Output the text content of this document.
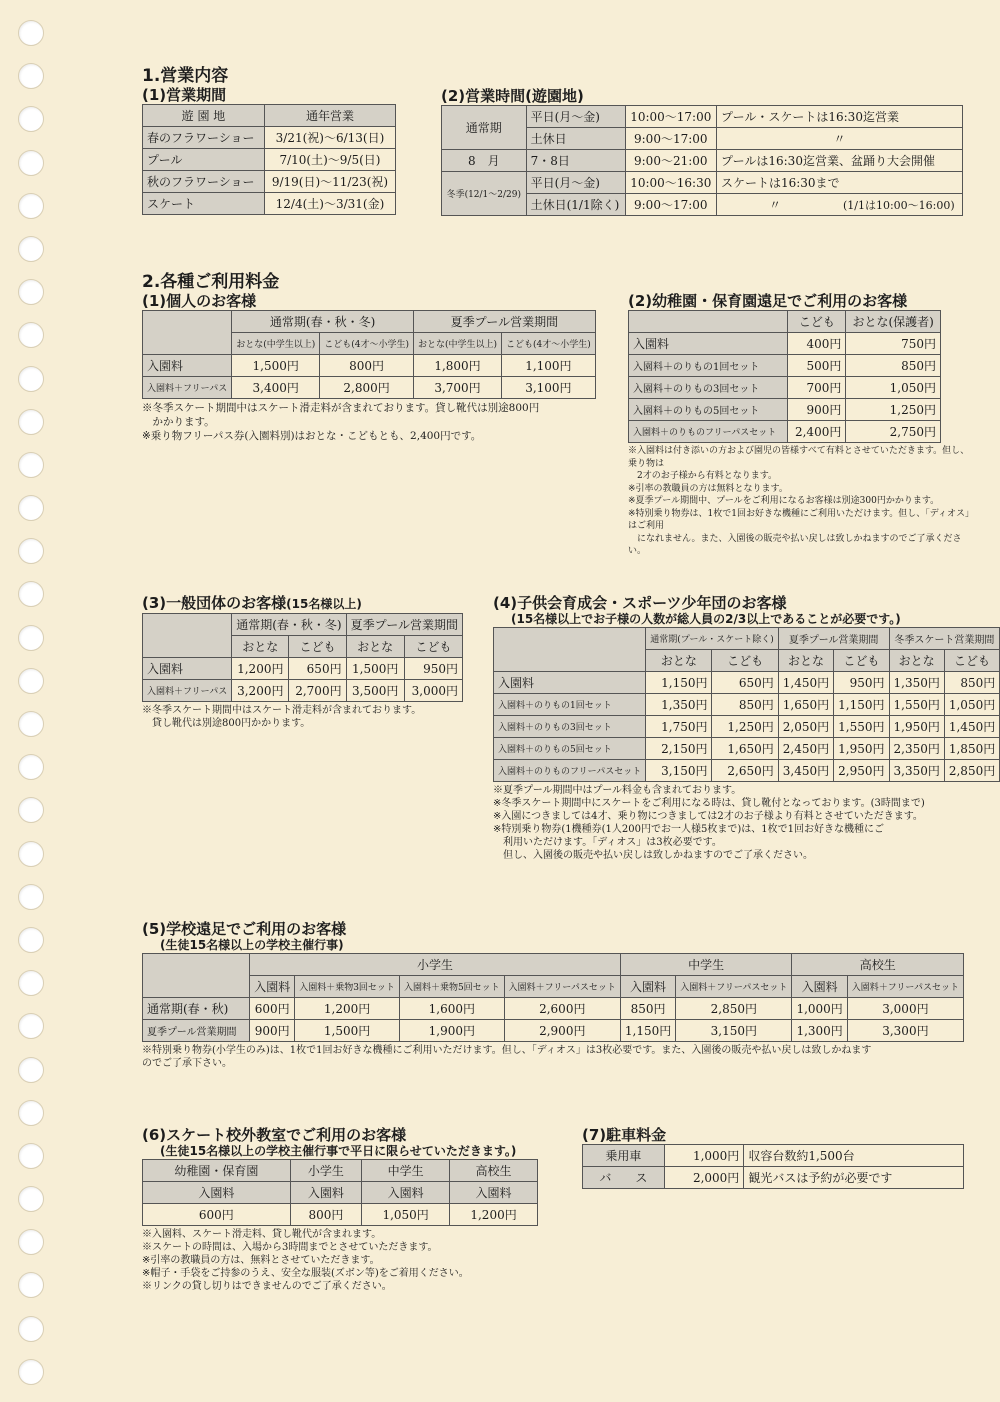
1.営業内容
(1)営業期間
遊 園 地	通年営業
春のフラワーショー	3/21(祝)～6/13(日)
プール	7/10(土)～9/5(日)
秋のフラワーショー	9/19(日)～11/23(祝)
スケート	12/4(土)～3/31(金)
(2)営業時間(遊園地)
通常期	平日(月～金)	10:00～17:00	プール・スケートは16:30迄営業
	土休日	9:00～17:00	〃
8　月	7・8日	9:00～21:00	プールは16:30迄営業、盆踊り大会開催
冬季(12/1～2/29)	平日(月～金)	10:00～16:30	スケートは16:30まで
	土休日(1/1除く)	9:00～17:00	〃 (1/1は10:00～16:00)
2.各種ご利用料金
(1)個人のお客様
	通常期(春・秋・冬)		夏季プール営業期間	
	おとな(中学生以上)	こども(4才～小学生)	おとな(中学生以上)	こども(4才～小学生)
入園料	1,500円	800円	1,800円	1,100円
入園料＋フリーパス	3,400円	2,800円	3,700円	3,100円
※冬季スケート期間中はスケート滑走料が含まれております。貸し靴代は別途800円
　かかります。
※乗り物フリーパス券(入園料別)はおとな・こどもとも、2,400円です。
(2)幼稚園・保育園遠足でご利用のお客様
	こども	おとな(保護者)
入園料	400円	750円
入園料＋のりもの1回セット	500円	850円
入園料＋のりもの3回セット	700円	1,050円
入園料＋のりもの5回セット	900円	1,250円
入園料＋のりものフリーパスセット	2,400円	2,750円
※入園料は付き添いの方および園児の皆様すべて有料とさせていただきます。但し、乗り物は
　2才のお子様から有料となります。
※引率の教職員の方は無料となります。
※夏季プール期間中、プールをご利用になるお客様は別途300円かかります。
※特別乗り物券は、1枚で1回お好きな機種にご利用いただけます。但し、「ディオス」はご利用
　になれません。また、入園後の販売や払い戻しは致しかねますのでご了承ください。
(3)一般団体のお客様(15名様以上)
	通常期(春・秋・冬)		夏季プール営業期間	
	おとな	こども	おとな	こども
入園料	1,200円	650円	1,500円	950円
入園料＋フリーパス	3,200円	2,700円	3,500円	3,000円
※冬季スケート期間中はスケート滑走料が含まれております。
　貸し靴代は別途800円かかります。
(4)子供会育成会・スポーツ少年団のお客様
(15名様以上でお子様の人数が総人員の2/3以上であることが必要です。)
	通常期(プール・スケート除く)		夏季プール営業期間		冬季スケート営業期間	
	おとな	こども	おとな	こども	おとな	こども
入園料	1,150円	650円	1,450円	950円	1,350円	850円
入園料＋のりもの1回セット	1,350円	850円	1,650円	1,150円	1,550円	1,050円
入園料＋のりもの3回セット	1,750円	1,250円	2,050円	1,550円	1,950円	1,450円
入園料＋のりもの5回セット	2,150円	1,650円	2,450円	1,950円	2,350円	1,850円
入園料＋のりものフリーパスセット	3,150円	2,650円	3,450円	2,950円	3,350円	2,850円
※夏季プール期間中はプール料金も含まれております。
※冬季スケート期間中にスケートをご利用になる時は、貸し靴付となっております。(3時間まで)
※入園につきましては4才、乗り物につきましては2才のお子様より有料とさせていただきます。
※特別乗り物券(1機種券(1人200円でお一人様5枚まで)は、1枚で1回お好きな機種にご
　利用いただけます。「ディオス」は3枚必要です。
　但し、入園後の販売や払い戻しは致しかねますのでご了承ください。
(5)学校遠足でご利用のお客様
(生徒15名様以上の学校主催行事)
	小学生				中学生		高校生	
	入園料	入園料＋乗物3回セット	入園料＋乗物5回セット	入園料＋フリーパスセット	入園料	入園料＋フリーパスセット	入園料	入園料＋フリーパスセット
通常期(春・秋)	600円	1,200円	1,600円	2,600円	850円	2,850円	1,000円	3,000円
夏季プール営業期間	900円	1,500円	1,900円	2,900円	1,150円	3,150円	1,300円	3,300円
※特別乗り物券(小学生のみ)は、1枚で1回お好きな機種にご利用いただけます。但し、「ディオス」は3枚必要です。また、入園後の販売や払い戻しは致しかねます
のでご了承下さい。
(6)スケート校外教室でご利用のお客様
(生徒15名様以上の学校主催行事で平日に限らせていただきます。)
幼稚園・保育園	小学生	中学生	高校生
入園料	入園料	入園料	入園料
600円	800円	1,050円	1,200円
※入園料、スケート滑走料、貸し靴代が含まれます。
※スケートの時間は、入場から3時間までとさせていただきます。
※引率の教職員の方は、無料とさせていただきます。
※帽子・手袋をご持参のうえ、安全な服装(ズボン等)をご着用ください。
※リンクの貸し切りはできませんのでご了承ください。
(7)駐車料金
乗用車	1,000円	収容台数約1,500台
バ　　ス	2,000円	観光バスは予約が必要です
